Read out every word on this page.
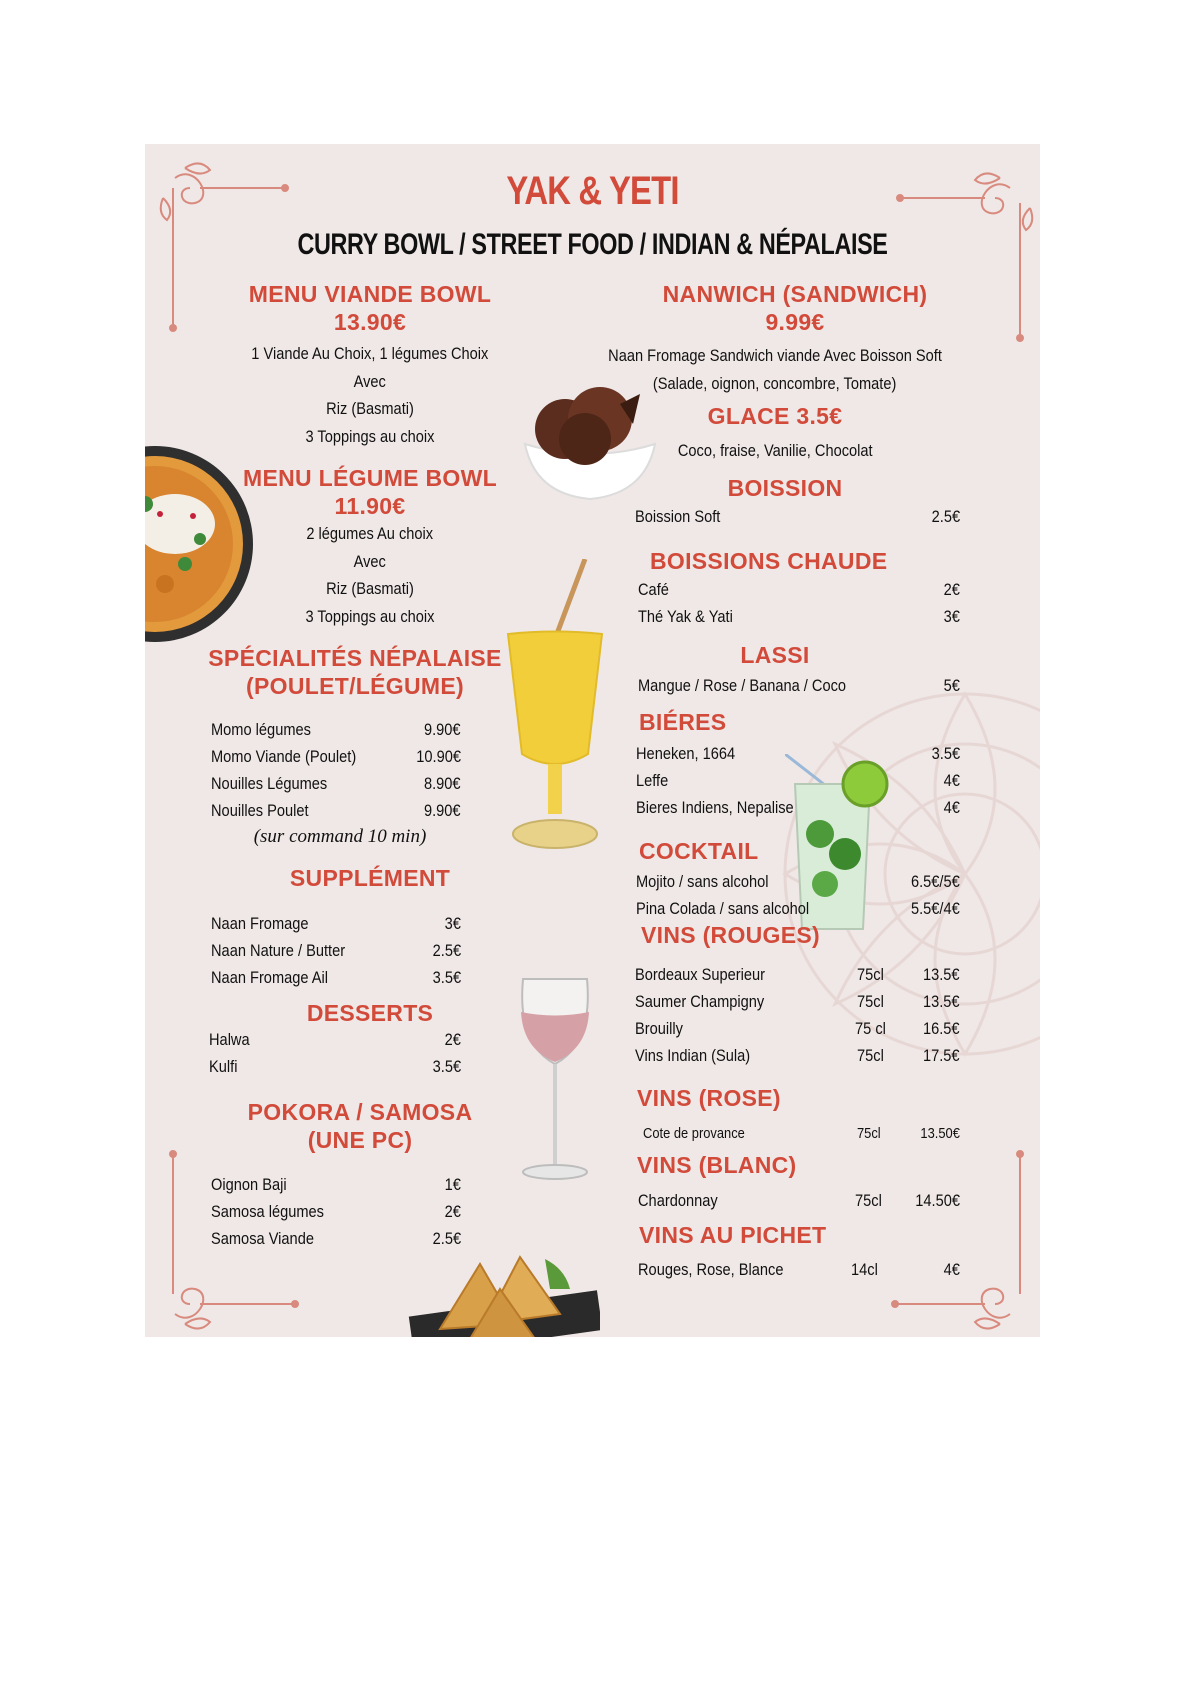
YAK & YETI
CURRY BOWL / STREET FOOD / INDIAN & NÉPALAISE
MENU VIANDE BOWL
13.90€
1 Viande Au Choix, 1 légumes Choix
Avec
Riz (Basmati)
3 Toppings au choix
MENU LÉGUME BOWL
11.90€
2 légumes Au choix
Avec
Riz (Basmati)
3 Toppings au choix
SPÉCIALITÉS NÉPALAISE
(POULET/LÉGUME)
Momo légumes	9.90€
Momo Viande (Poulet)	10.90€
Nouilles Légumes	8.90€
Nouilles Poulet	9.90€
(sur command 10 min)
SUPPLÉMENT
Naan Fromage	3€
Naan Nature / Butter	2.5€
Naan Fromage Ail	3.5€
DESSERTS
Halwa	2€
Kulfi	3.5€
POKORA / SAMOSA
(UNE PC)
Oignon Baji	1€
Samosa légumes	2€
Samosa Viande	2.5€
NANWICH (SANDWICH)
9.99€
Naan Fromage Sandwich viande Avec Boisson Soft
(Salade, oignon, concombre, Tomate)
GLACE 3.5€
Coco, fraise, Vanilie, Chocolat
BOISSION
Boission Soft	2.5€
BOISSIONS CHAUDE
Café	2€
Thé Yak & Yati	3€
LASSI
Mangue / Rose / Banana / Coco	5€
BIÉRES
Heneken, 1664	3.5€
Leffe	4€
Bieres Indiens, Nepalise	4€
COCKTAIL
Mojito / sans alcohol	6.5€/5€
Pina Colada / sans alcohol	5.5€/4€
VINS (ROUGES)
Bordeaux Superieur	75cl 13.5€
Saumer Champigny	75cl 13.5€
Brouilly	75 cl 16.5€
Vins Indian (Sula)	75cl 17.5€
VINS (ROSE)
Cote de provance	75cl	13.50€
VINS (BLANC)
Chardonnay	75cl 14.50€
VINS AU PICHET
Rouges, Rose, Blance	14cl	4€
